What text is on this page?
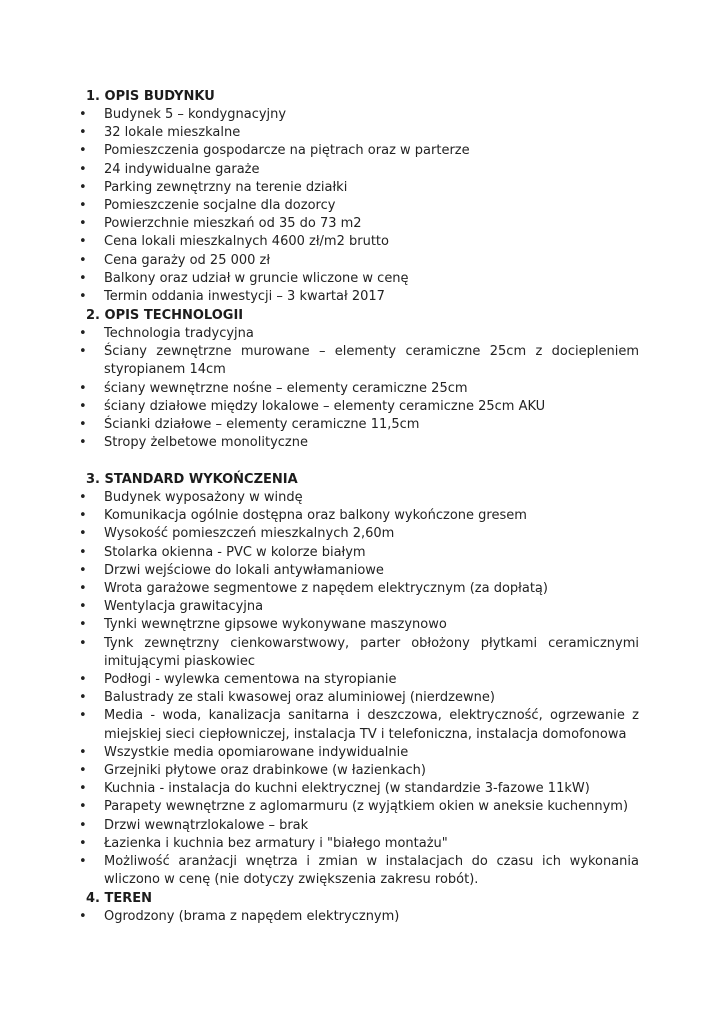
1. OPIS BUDYNKU
• Budynek 5 – kondygnacyjny
• 32 lokale mieszkalne
• Pomieszczenia gospodarcze na piętrach oraz w parterze
• 24 indywidualne garaże
• Parking zewnętrzny na terenie działki
• Pomieszczenie socjalne dla dozorcy
• Powierzchnie mieszkań od 35 do 73 m2
• Cena lokali mieszkalnych 4600 zł/m2 brutto
• Cena garaży od 25 000 zł
• Balkony oraz udział w gruncie wliczone w cenę
• Termin oddania inwestycji – 3 kwartał 2017
2. OPIS TECHNOLOGII
• Technologia tradycyjna
• Ściany zewnętrzne murowane – elementy ceramiczne 25cm z dociepleniem styropianem 14cm
• ściany wewnętrzne nośne – elementy ceramiczne 25cm
• ściany działowe między lokalowe – elementy ceramiczne 25cm AKU
• Ścianki działowe – elementy ceramiczne 11,5cm
• Stropy żelbetowe monolityczne
3. STANDARD WYKOŃCZENIA
• Budynek wyposażony w windę
• Komunikacja ogólnie dostępna oraz balkony wykończone gresem
• Wysokość pomieszczeń mieszkalnych 2,60m
• Stolarka okienna - PVC w kolorze białym
• Drzwi wejściowe do lokali antywłamaniowe
• Wrota garażowe segmentowe z napędem elektrycznym (za dopłatą)
• Wentylacja grawitacyjna
• Tynki wewnętrzne gipsowe wykonywane maszynowo
• Tynk zewnętrzny cienkowarstwowy, parter obłożony płytkami ceramicznymi imitującymi piaskowiec
• Podłogi - wylewka cementowa na styropianie
• Balustrady ze stali kwasowej oraz aluminiowej (nierdzewne)
• Media - woda, kanalizacja sanitarna i deszczowa, elektryczność, ogrzewanie z miejskiej sieci ciepłowniczej, instalacja TV i telefoniczna, instalacja domofonowa
• Wszystkie media opomiarowane indywidualnie
• Grzejniki płytowe oraz drabinkowe (w łazienkach)
• Kuchnia - instalacja do kuchni elektrycznej (w standardzie 3-fazowe 11kW)
• Parapety wewnętrzne z aglomarmuru (z wyjątkiem okien w aneksie kuchennym)
• Drzwi wewnątrzlokalowe – brak
• Łazienka i kuchnia bez armatury i "białego montażu"
• Możliwość aranżacji wnętrza i zmian w instalacjach do czasu ich wykonania wliczono w cenę (nie dotyczy zwiększenia zakresu robót).
4. TEREN
• Ogrodzony (brama z napędem elektrycznym)
